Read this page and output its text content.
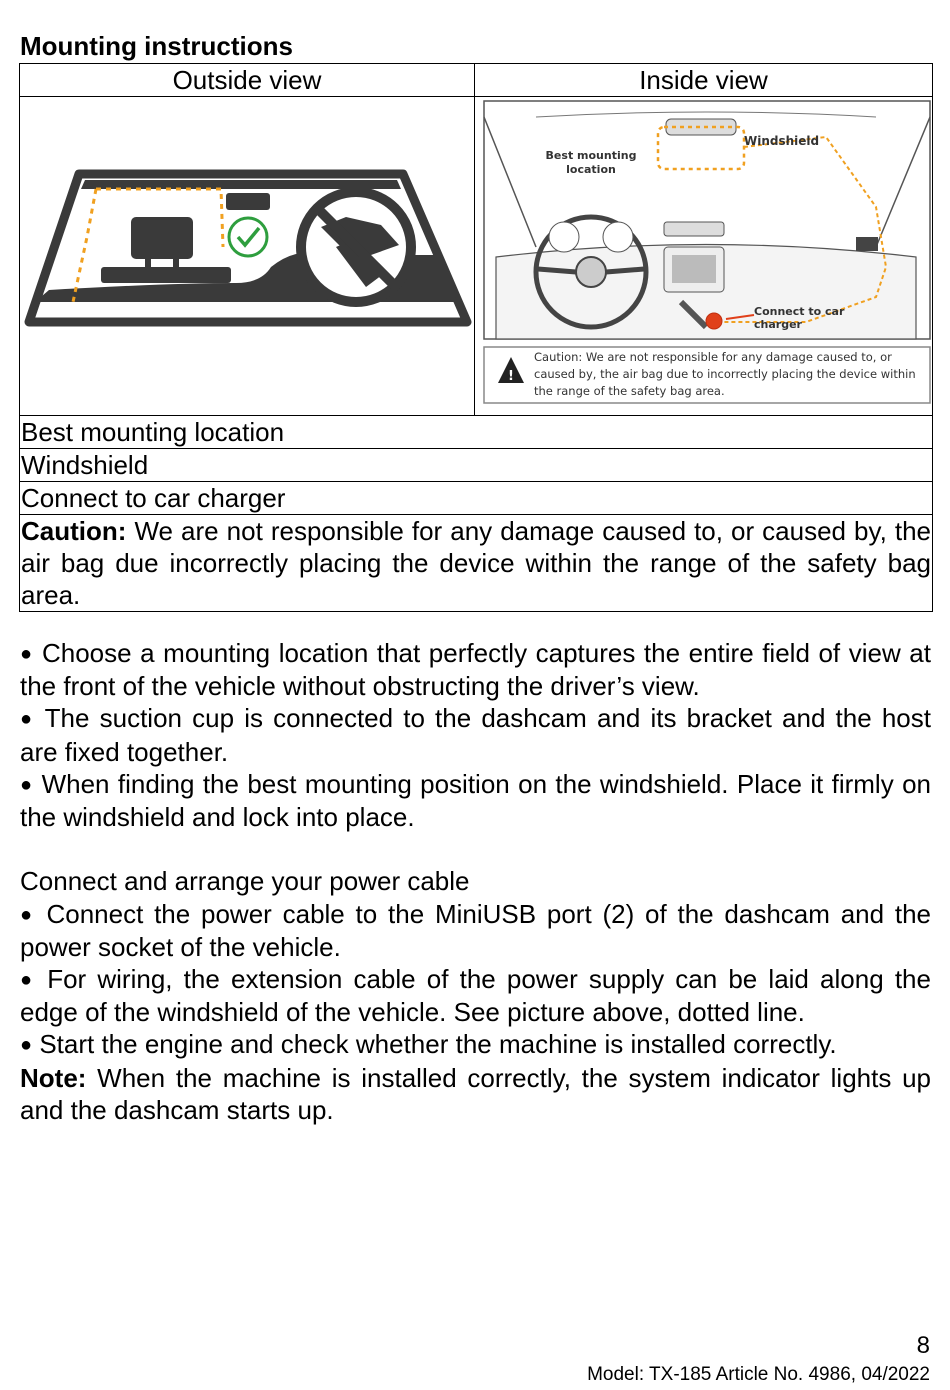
Mounting instructions
Outside view	Inside view

Windshield
Best mounting location
Connect to car charger
!
Caution: We are not responsible for any damage caused to, or caused by, the air bag due to incorrectly placing the device within the range of the safety bag area.

Best mounting location	
Windshield	
Connect to car charger	
Caution: We are not responsible for any damage caused to, or caused by, the air bag due incorrectly placing the device within the range of the safety bag area.	

● Choose a mounting location that perfectly captures the entire field of view at the front of the vehicle without obstructing the driver’s view.

● The suction cup is connected to the dashcam and its bracket and the host are fixed together.

● When finding the best mounting position on the windshield. Place it firmly on the windshield and lock into place.

Connect and arrange your power cable

● Connect the power cable to the MiniUSB port (2) of the dashcam and the power socket of the vehicle.

● For wiring, the extension cable of the power supply can be laid along the edge of the windshield of the vehicle. See picture above, dotted line.

● Start the engine and check whether the machine is installed correctly.

Note: When the machine is installed correctly, the system indicator lights up and the dashcam starts up.

8
Model: TX-185 Article No. 4986, 04/2022
